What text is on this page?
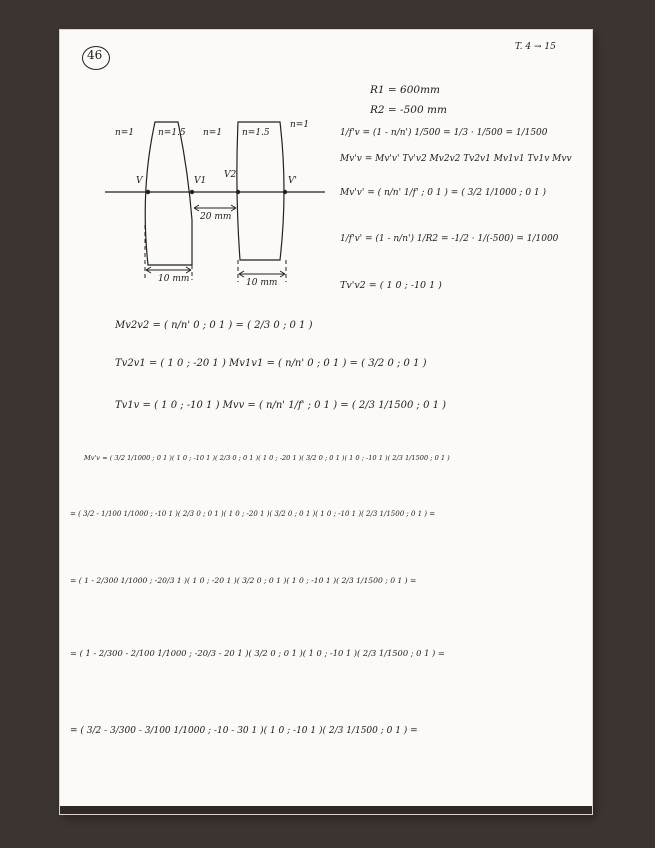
46
T. 4 → 15
n=1	n=1.5 n=1 n=1.5
n=1
V	V1
V2
V'
20 mm
10 mm	10 mm
R1 = 600mm
R2 = -500 mm
1/f'v = (1 - n/n') 1/500 = 1/3 · 1/500 = 1/1500
Mv'v = Mv'v' Tv'v2 Mv2v2 Tv2v1 Mv1v1 Tv1v Mvv
Mv'v' = ( n/n' 1/f' ; 0 1 ) = ( 3/2 1/1000 ; 0 1 )
1/f'v' = (1 - n/n') 1/R2 = -1/2 · 1/(-500) = 1/1000
Tv'v2 = ( 1 0 ; -10 1 )
Mv2v2 = ( n/n' 0 ; 0 1 ) = ( 2/3 0 ; 0 1 )
Tv2v1 = ( 1 0 ; -20 1 ) Mv1v1 = ( n/n' 0 ; 0 1 ) = ( 3/2 0 ; 0 1 )
Tv1v = ( 1 0 ; -10 1 ) Mvv = ( n/n' 1/f' ; 0 1 ) = ( 2/3 1/1500 ; 0 1 )
Mv'v = ( 3/2 1/1000 ; 0 1 )( 1 0 ; -10 1 )( 2/3 0 ; 0 1 )( 1 0 ; -20 1 )( 3/2 0 ; 0 1 )( 1 0 ; -10 1 )( 2/3 1/1500 ; 0 1 )
= ( 3/2 - 1/100 1/1000 ; -10 1 )( 2/3 0 ; 0 1 )( 1 0 ; -20 1 )( 3/2 0 ; 0 1 )( 1 0 ; -10 1 )( 2/3 1/1500 ; 0 1 ) =
= ( 1 - 2/300 1/1000 ; -20/3 1 )( 1 0 ; -20 1 )( 3/2 0 ; 0 1 )( 1 0 ; -10 1 )( 2/3 1/1500 ; 0 1 ) =
= ( 1 - 2/300 - 2/100 1/1000 ; -20/3 - 20 1 )( 3/2 0 ; 0 1 )( 1 0 ; -10 1 )( 2/3 1/1500 ; 0 1 ) =
= ( 3/2 - 3/300 - 3/100 1/1000 ; -10 - 30 1 )( 1 0 ; -10 1 )( 2/3 1/1500 ; 0 1 ) =
